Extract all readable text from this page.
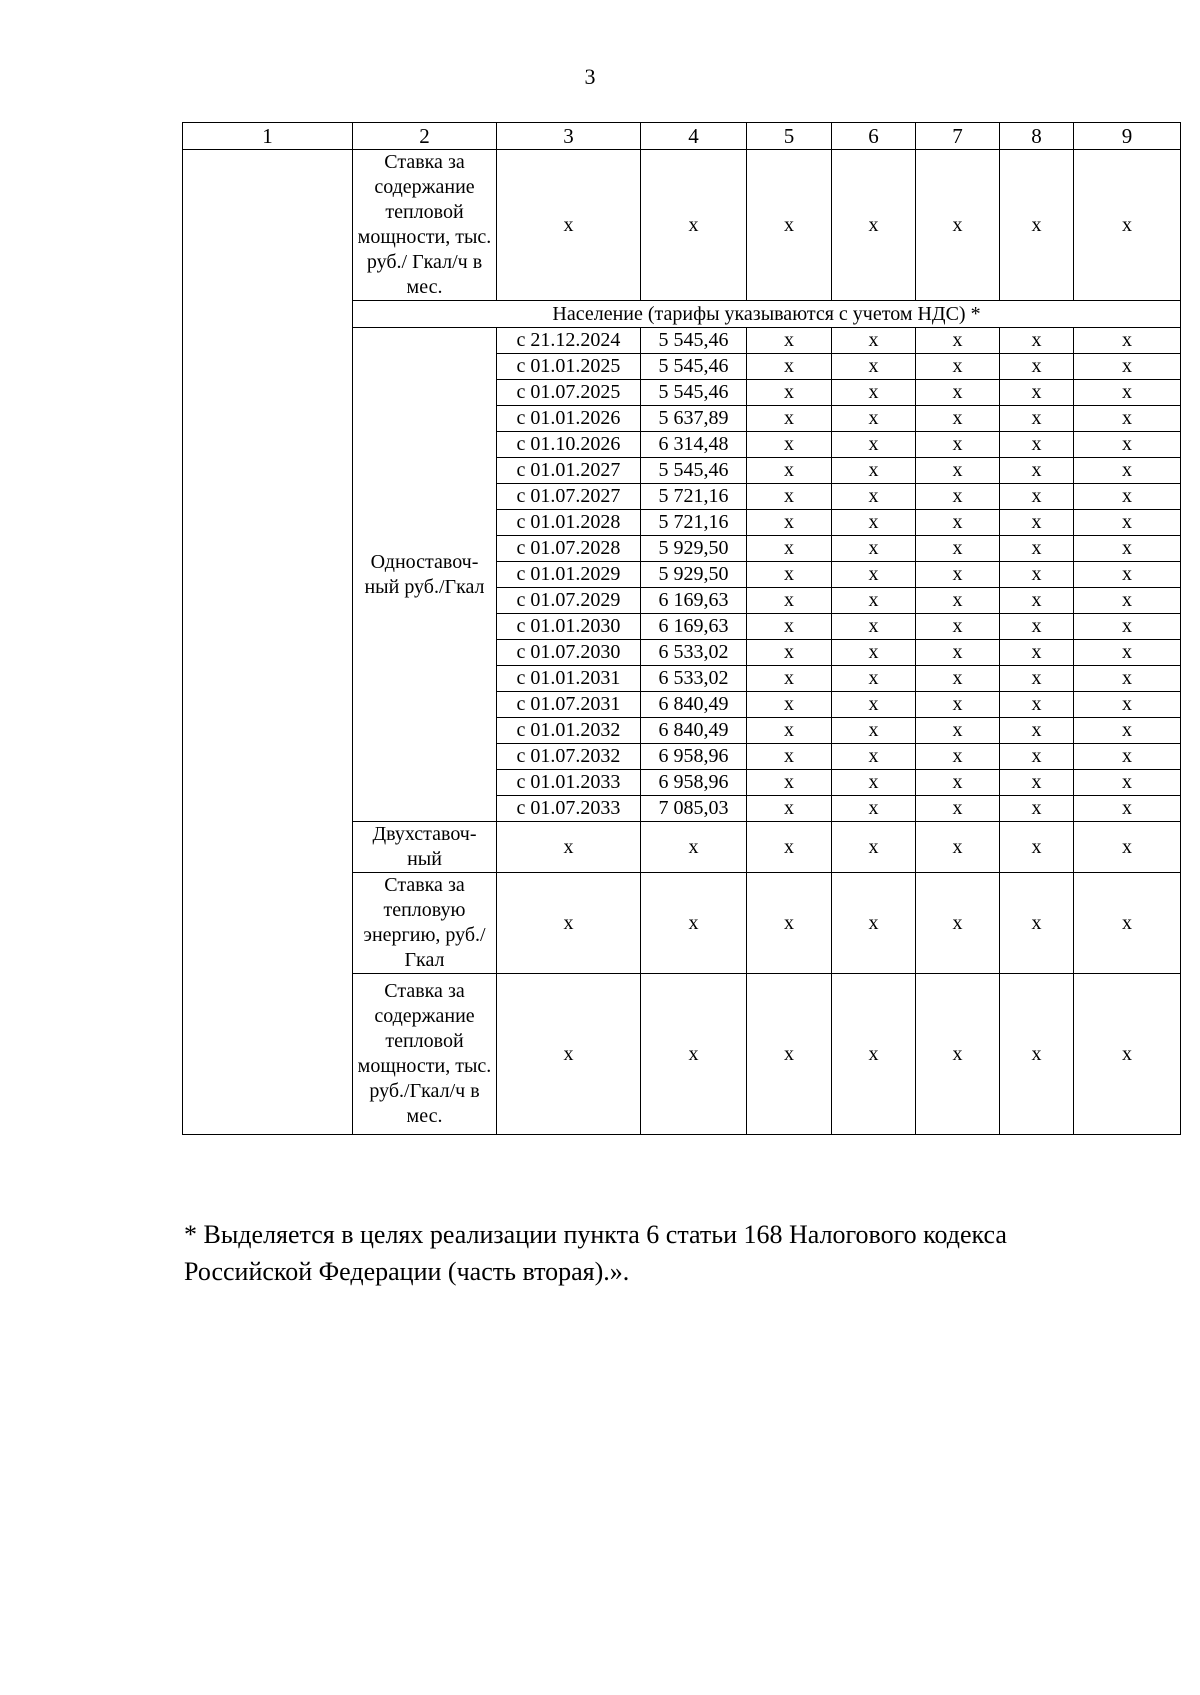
3
1	2	3	4	5	6	7	8	9
	Ставка за содержание тепловой мощности, тыс. руб./ Гкал/ч в мес.	х	х	х	х	х	х	х
	Население (тарифы указываются с учетом НДС) *							
	Одноставоч-ный руб./Гкал	с 21.12.2024	5 545,46	х	х	х	х	х
		с 01.01.2025	5 545,46	х	х	х	х	х
		с 01.07.2025	5 545,46	х	х	х	х	х
		с 01.01.2026	5 637,89	х	х	х	х	х
		с 01.10.2026	6 314,48	х	х	х	х	х
		с 01.01.2027	5 545,46	х	х	х	х	х
		с 01.07.2027	5 721,16	х	х	х	х	х
		с 01.01.2028	5 721,16	х	х	х	х	х
		с 01.07.2028	5 929,50	х	х	х	х	х
		с 01.01.2029	5 929,50	х	х	х	х	х
		с 01.07.2029	6 169,63	х	х	х	х	х
		с 01.01.2030	6 169,63	х	х	х	х	х
		с 01.07.2030	6 533,02	х	х	х	х	х
		с 01.01.2031	6 533,02	х	х	х	х	х
		с 01.07.2031	6 840,49	х	х	х	х	х
		с 01.01.2032	6 840,49	х	х	х	х	х
		с 01.07.2032	6 958,96	х	х	х	х	х
		с 01.01.2033	6 958,96	х	х	х	х	х
		с 01.07.2033	7 085,03	х	х	х	х	х
	Двухставоч-ный	х	х	х	х	х	х	х
	Ставка за тепловую энергию, руб./Гкал	х	х	х	х	х	х	х
	Ставка за содержание тепловой мощности, тыс. руб./Гкал/ч в мес.	х	х	х	х	х	х	х
* Выделяется в целях реализации пункта 6 статьи 168 Налогового кодекса Российской Федерации (часть вторая).».
